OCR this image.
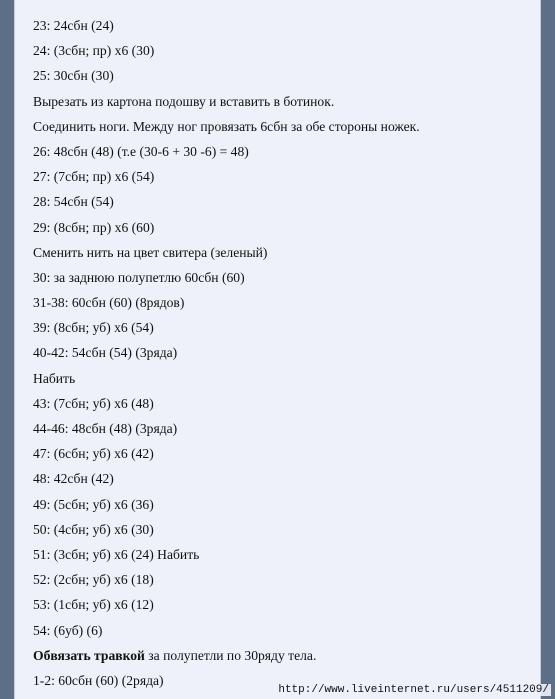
23: 24сбн (24)
24: (3сбн; пр) х6 (30)
25: 30сбн (30)
Вырезать из картона подошву и вставить в ботинок.
Соединить ноги. Между ног провязать 6сбн за обе стороны ножек.
26: 48сбн (48) (т.е (30-6 + 30 -6) = 48)
27: (7сбн; пр) х6 (54)
28: 54сбн (54)
29: (8сбн; пр) х6 (60)
Сменить нить на цвет свитера (зеленый)
30: за заднюю полупетлю 60сбн (60)
31-38: 60сбн (60) (8рядов)
39: (8сбн; уб) х6 (54)
40-42: 54сбн (54) (3ряда)
Набить
43: (7сбн; уб) х6 (48)
44-46: 48сбн (48) (3ряда)
47: (6сбн; уб) х6 (42)
48: 42сбн (42)
49: (5сбн; уб) х6 (36)
50: (4сбн; уб) х6 (30)
51: (3сбн; уб) х6 (24) Набить
52: (2сбн; уб) х6 (18)
53: (1сбн; уб) х6 (12)
54: (6уб) (6)
Обвязать травкой за полупетли по 30ряду тела.
1-2: 60сбн (60) (2ряда)
http://www.liveinternet.ru/users/4511209/
